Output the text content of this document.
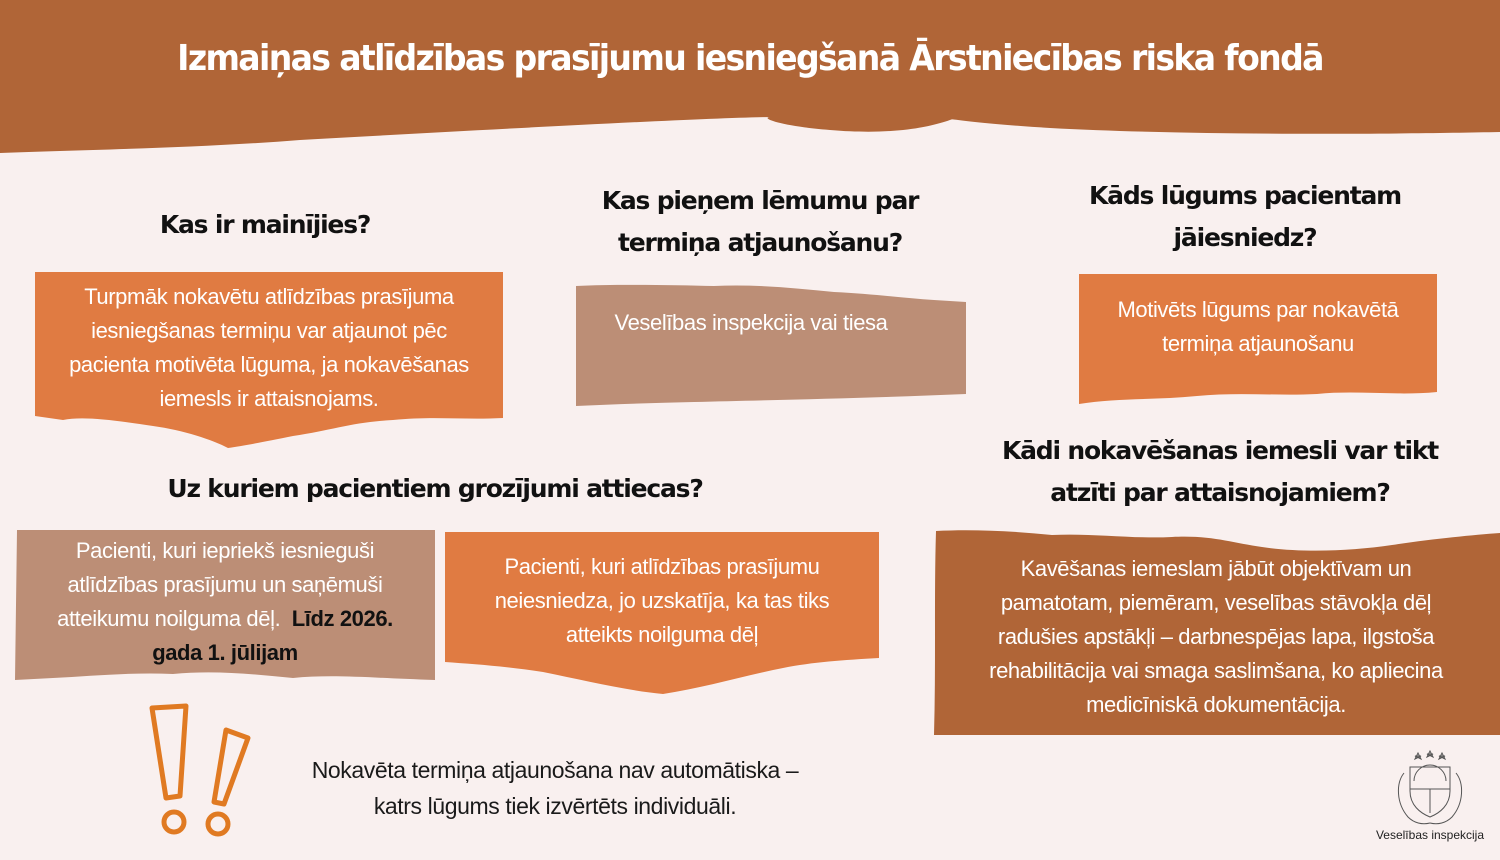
Izmaiņas atlīdzības prasījumu iesniegšanā Ārstniecības riska fondā
Kas ir mainījies?
Turpmāk nokavētu atlīdzības prasījuma iesniegšanas termiņu var atjaunot pēc pacienta motivēta lūguma, ja nokavēšanas iemesls ir attaisnojams.
Kas pieņem lēmumu par
termiņa atjaunošanu?
Veselības inspekcija vai tiesa
Kāds lūgums pacientam
jāiesniedz?
Motivēts lūgums par nokavētā termiņa atjaunošanu
Uz kuriem pacientiem grozījumi attiecas?
Pacienti, kuri iepriekš iesnieguši atlīdzības prasījumu un saņēmuši atteikumu noilguma dēļ. Līdz 2026. gada 1. jūlijam
Pacienti, kuri atlīdzības prasījumu neiesniedza, jo uzskatīja, ka tas tiks atteikts noilguma dēļ
Kādi nokavēšanas iemesli var tikt
atzīti par attaisnojamiem?
Kavēšanas iemeslam jābūt objektīvam un pamatotam, piemēram, veselības stāvokļa dēļ radušies apstākļi – darbnespējas lapa, ilgstoša rehabilitācija vai smaga saslimšana, ko apliecina medicīniskā dokumentācija.
Nokavēta termiņa atjaunošana nav automātiska –
katrs lūgums tiek izvērtēts individuāli.
Veselības inspekcija
